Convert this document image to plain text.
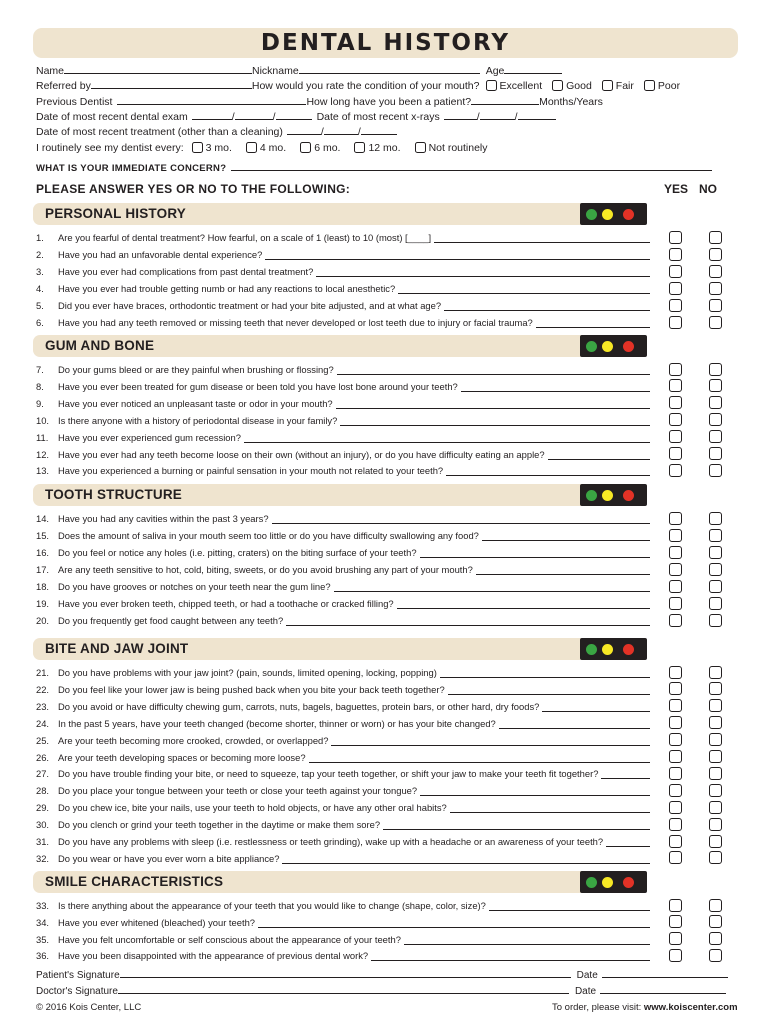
DENTAL HISTORY
Name	Nickname	Age
Referred by	How would you rate the condition of your mouth? Excellent Good Fair Poor
Previous Dentist	How long have you been a patient?	Months/Years
Date of most recent dental exam	/	/	Date of most recent x-rays	/	/
Date of most recent treatment (other than a cleaning)	/	/
I routinely see my dentist every: 3 mo.	4 mo.	6 mo.	12 mo.	Not routinely
WHAT IS YOUR IMMEDIATE CONCERN?
PLEASE ANSWER YES OR NO TO THE FOLLOWING:	YES NO
PERSONAL HISTORY
1. Are you fearful of dental treatment? How fearful, on a scale of 1 (least) to 10 (most) [____]
2. Have you had an unfavorable dental experience?
3. Have you ever had complications from past dental treatment?
4. Have you ever had trouble getting numb or had any reactions to local anesthetic?
5. Did you ever have braces, orthodontic treatment or had your bite adjusted, and at what age?
6. Have you had any teeth removed or missing teeth that never developed or lost teeth due to injury or facial trauma?
GUM AND BONE
7. Do your gums bleed or are they painful when brushing or flossing?
8. Have you ever been treated for gum disease or been told you have lost bone around your teeth?
9. Have you ever noticed an unpleasant taste or odor in your mouth?
10. Is there anyone with a history of periodontal disease in your family?
11. Have you ever experienced gum recession?
12. Have you ever had any teeth become loose on their own (without an injury), or do you have difficulty eating an apple?
13. Have you experienced a burning or painful sensation in your mouth not related to your teeth?
TOOTH STRUCTURE
14. Have you had any cavities within the past 3 years?
15. Does the amount of saliva in your mouth seem too little or do you have difficulty swallowing any food?
16. Do you feel or notice any holes (i.e. pitting, craters) on the biting surface of your teeth?
17. Are any teeth sensitive to hot, cold, biting, sweets, or do you avoid brushing any part of your mouth?
18. Do you have grooves or notches on your teeth near the gum line?
19. Have you ever broken teeth, chipped teeth, or had a toothache or cracked filling?
20. Do you frequently get food caught between any teeth?
BITE AND JAW JOINT
21. Do you have problems with your jaw joint? (pain, sounds, limited opening, locking, popping)
22. Do you feel like your lower jaw is being pushed back when you bite your back teeth together?
23. Do you avoid or have difficulty chewing gum, carrots, nuts, bagels, baguettes, protein bars, or other hard, dry foods?
24. In the past 5 years, have your teeth changed (become shorter, thinner or worn) or has your bite changed?
25. Are your teeth becoming more crooked, crowded, or overlapped?
26. Are your teeth developing spaces or becoming more loose?
27. Do you have trouble finding your bite, or need to squeeze, tap your teeth together, or shift your jaw to make your teeth fit together?
28. Do you place your tongue between your teeth or close your teeth against your tongue?
29. Do you chew ice, bite your nails, use your teeth to hold objects, or have any other oral habits?
30. Do you clench or grind your teeth together in the daytime or make them sore?
31. Do you have any problems with sleep (i.e. restlessness or teeth grinding), wake up with a headache or an awareness of your teeth?
32. Do you wear or have you ever worn a bite appliance?
SMILE CHARACTERISTICS
33. Is there anything about the appearance of your teeth that you would like to change (shape, color, size)?
34. Have you ever whitened (bleached) your teeth?
35. Have you felt uncomfortable or self conscious about the appearance of your teeth?
36. Have you been disappointed with the appearance of previous dental work?
Patient's Signature	Date
Doctor's Signature	Date
© 2016 Kois Center, LLC	To order, please visit: www.koiscenter.com
